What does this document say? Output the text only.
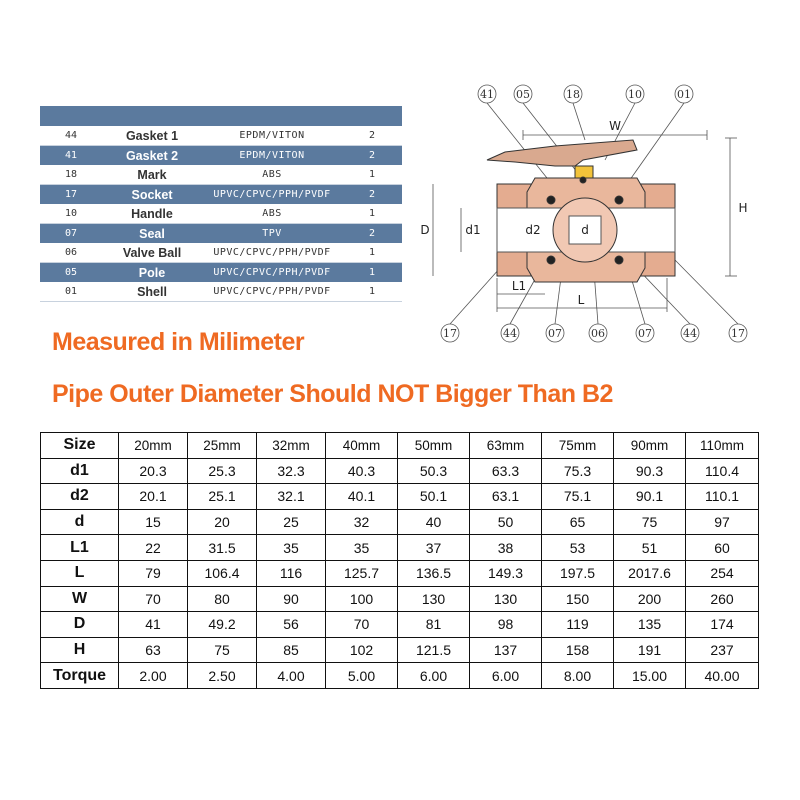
44	Gasket 1	EPDM/VITON	2
41	Gasket 2	EPDM/VITON	2
18	Mark	ABS	1
17	Socket	UPVC/CPVC/PPH/PVDF	2
10	Handle	ABS	1
07	Seal	TPV	2
06	Valve Ball	UPVC/CPVC/PPH/PVDF	1
05	Pole	UPVC/CPVC/PPH/PVDF	1
01	Shell	UPVC/CPVC/PPH/PVDF	1
Measured in Milimeter
Pipe Outer Diameter Should NOT Bigger Than B2
41 05	18	10	01
17	44	07	06	07	44	17
W
H
D	d1	d2	d
L1
L
Size	20mm	25mm	32mm	40mm	50mm	63mm	75mm	90mm	110mm
d1	20.3	25.3	32.3	40.3	50.3	63.3	75.3	90.3	110.4
d2	20.1	25.1	32.1	40.1	50.1	63.1	75.1	90.1	110.1
d	15	20	25	32	40	50	65	75	97
L1	22	31.5	35	35	37	38	53	51	60
L	79	106.4	116	125.7	136.5	149.3	197.5	2017.6	254
W	70	80	90	100	130	130	150	200	260
D	41	49.2	56	70	81	98	119	135	174
H	63	75	85	102	121.5	137	158	191	237
Torque	2.00	2.50	4.00	5.00	6.00	6.00	8.00	15.00	40.00
